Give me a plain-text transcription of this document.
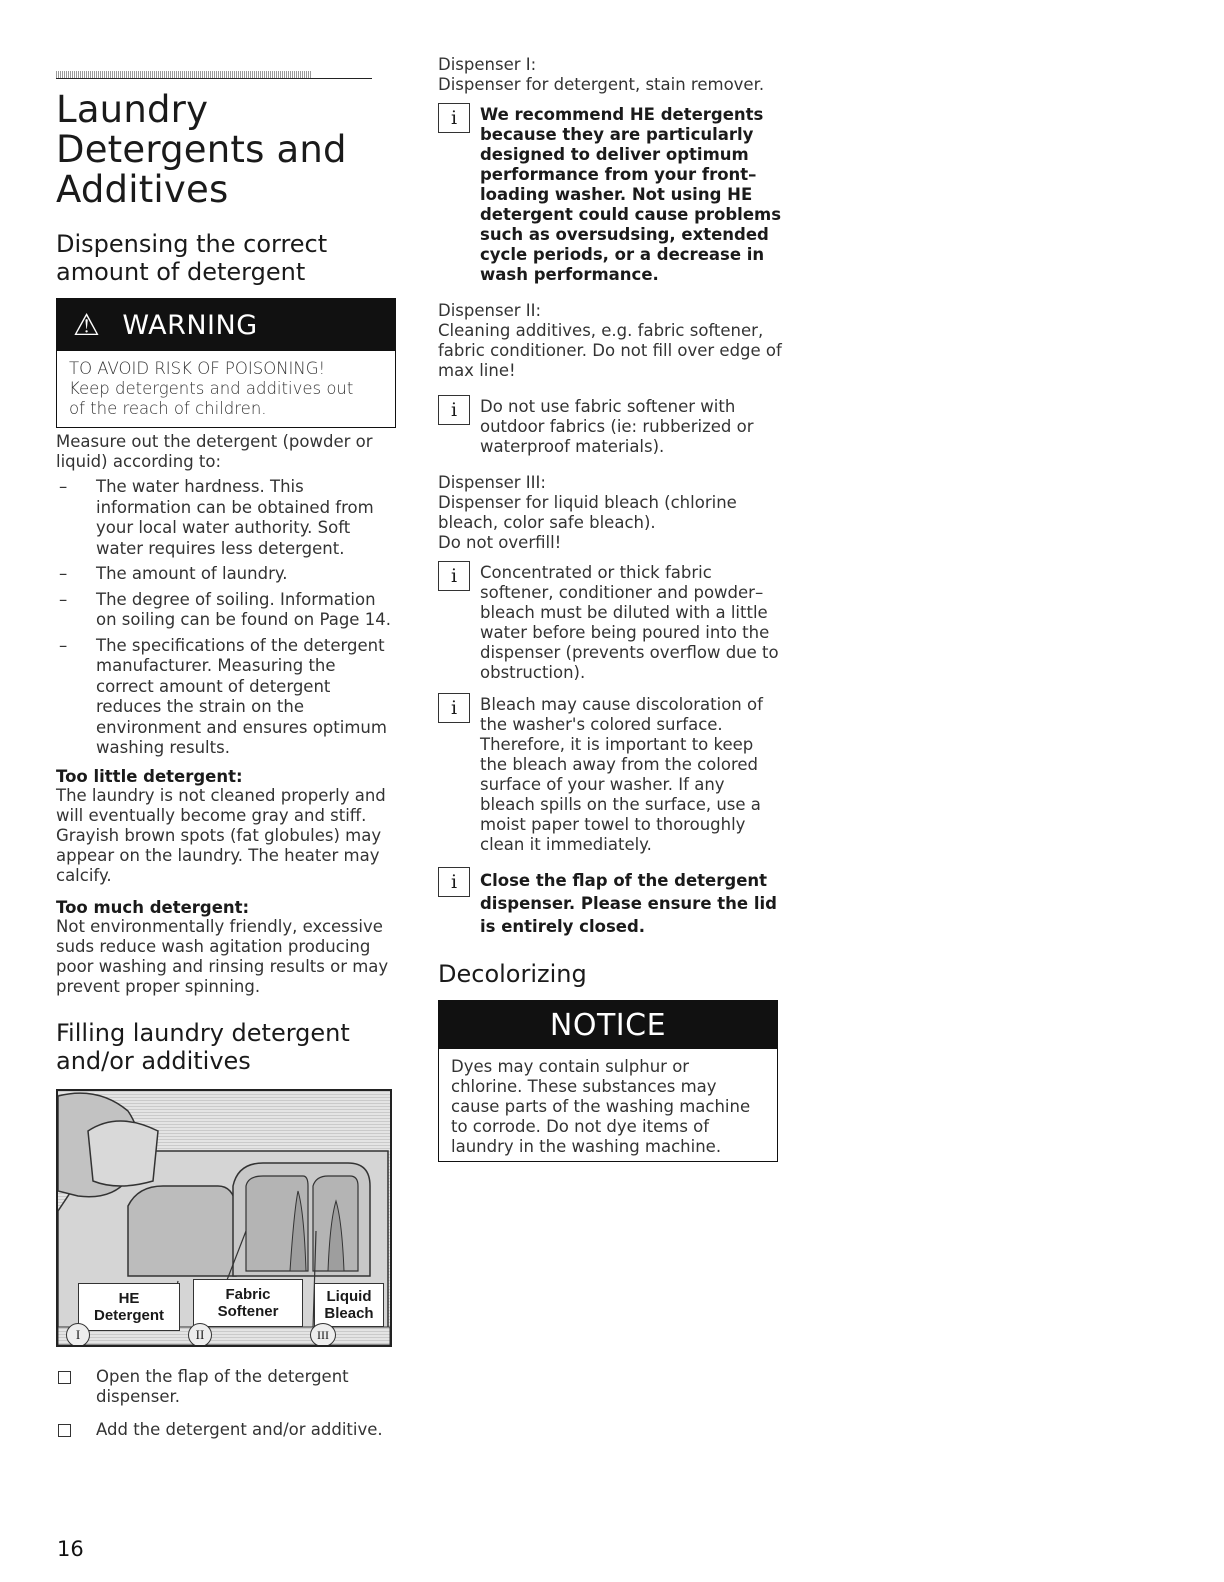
Laundry
Detergents and
Additives
Dispensing the correct
amount of detergent
⚠ WARNING
TO AVOID RISK OF POISONING!
Keep detergents and additives out
of the reach of children.

Measure out the detergent (powder or liquid) according to:

– The water hardness. This information can be obtained from your local water authority. Soft water requires less detergent.
– The amount of laundry.
– The degree of soiling. Information on soiling can be found on Page 14.
– The specifications of the detergent manufacturer. Measuring the correct amount of detergent reduces the strain on the environment and ensures optimum washing results.
Too little detergent:

The laundry is not cleaned properly and will eventually become gray and stiff. Grayish brown spots (fat globules) may appear on the laundry. The heater may calcify.

Too much detergent:

Not environmentally friendly, excessive suds reduce wash agitation producing poor washing and rinsing results or may prevent proper spinning.

Filling laundry detergent
and/or additives
HE
Detergent
Fabric
Softener
Liquid
Bleach
I	II	III
Open the flap of the detergent dispenser.
Add the detergent and/or additive.

Dispenser I:

Dispenser for detergent, stain remover.

i	We recommend HE detergents because they are particularly designed to deliver optimum performance from your front–loading washer. Not using HE detergent could cause problems such as oversudsing, extended cycle periods, or a decrease in wash performance.

Dispenser II:

Cleaning additives, e.g. fabric softener, fabric conditioner. Do not fill over edge of max line!

i	Do not use fabric softener with outdoor fabrics (ie: rubberized or waterproof materials).

Dispenser III:

Dispenser for liquid bleach (chlorine bleach, color safe bleach).

Do not overfill!

i	Concentrated or thick fabric softener, conditioner and powder–bleach must be diluted with a little water before being poured into the dispenser (prevents overflow due to obstruction).
i	Bleach may cause discoloration of the washer's colored surface. Therefore, it is important to keep the bleach away from the colored surface of your washer. If any bleach spills on the surface, use a moist paper towel to thoroughly clean it immediately.
i	Close the flap of the detergent dispenser. Please ensure the lid is entirely closed.
Decolorizing
NOTICE
Dyes may contain sulphur or chlorine. These substances may cause parts of the washing machine to corrode. Do not dye items of laundry in the washing machine.
16
